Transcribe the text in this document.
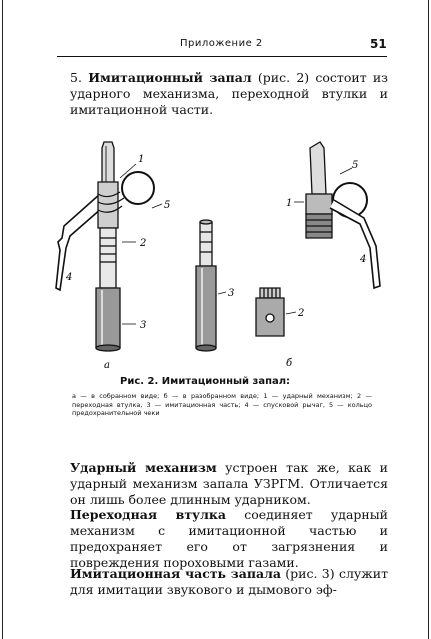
Приложение 2	51
5. Имитационный запал (рис. 2) состоит из ударного механизма, переходной втулки и имитационной части.
1
5
2
3
4
а
3
2
б
1
5
4
Рис. 2. Имитационный запал:
а — в собранном виде; б — в разобранном виде; 1 — ударный механизм; 2 — переходная втулка, 3 — имитационная часть; 4 — спусковой рычаг, 5 — кольцо предохранительной чеки
Ударный механизм устроен так же, как и ударный механизм запала УЗРГМ. Отличается он лишь более длинным ударником.
Переходная втулка соединяет ударный механизм с имитационной частью и предохраняет его от загрязнения и повреждения пороховыми газами.
Имитационная часть запала (рис. 3) служит для имитации звукового и дымового эф-
